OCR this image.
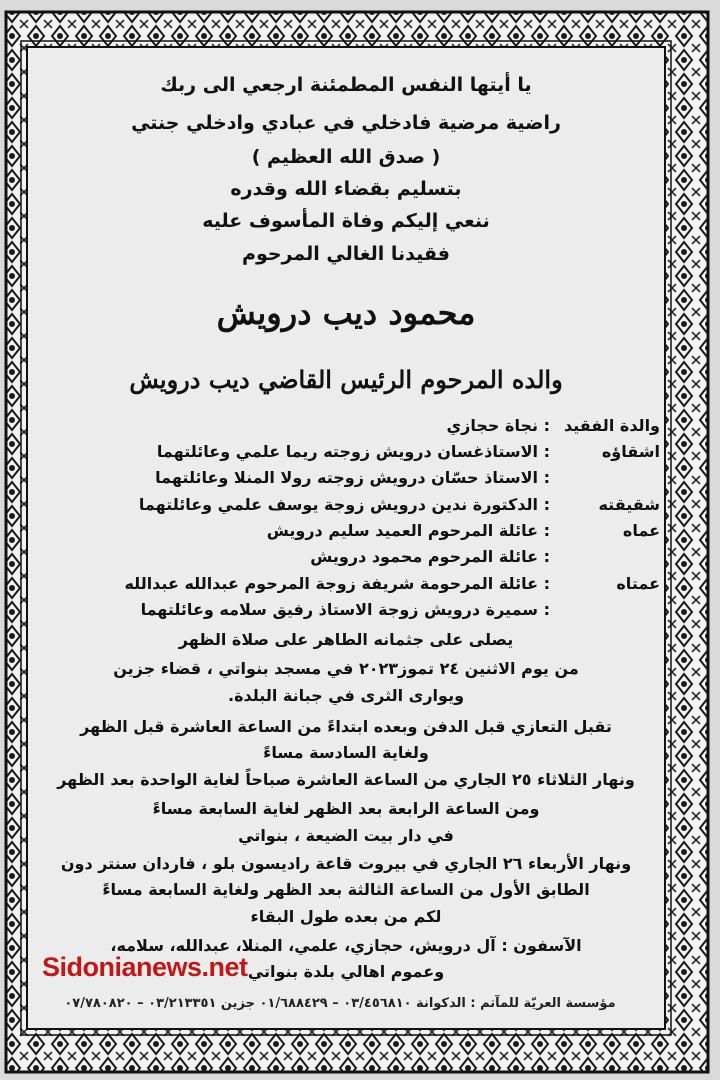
يا أيتها النفس المطمئنة ارجعي الى ربك
راضية مرضية فادخلي في عبادي وادخلي جنتي
( صدق الله العظيم )
بتسليم بقضاء الله وقدره
ننعي إليكم وفاة المأسوف عليه
فقيدنا الغالي المرحوم
محمود ديب درويش
والده المرحوم الرئيس القاضي ديب درويش
والدة الفقيد
: نجاة حجازي
اشقاؤه
: الاستاذغسان درويش زوجته ريما علمي وعائلتهما
: الاستاذ حسّان درويش زوجته رولا المنلا وعائلتهما
شقيقته
: الدكتورة ندين درويش زوجة يوسف علمي وعائلتهما
عماه
: عائلة المرحوم العميد سليم درويش
: عائلة المرحوم محمود درويش
عمتاه
: عائلة المرحومة شريفة زوجة المرحوم عبدالله عبدالله
: سميرة درويش زوجة الاستاذ رفيق سلامه وعائلتهما
يصلى على جثمانه الطاهر على صلاة الظهر
من يوم الاثنين ٢٤ تموز٢٠٢٣ في مسجد بنواتي ، قضاء جزين
ويوارى الثرى في جبانة البلدة.
تقبل التعازي قبل الدفن وبعده ابتداءً من الساعة العاشرة قبل الظهر
ولغاية السادسة مساءً
ونهار الثلاثاء ٢٥ الجاري من الساعة العاشرة صباحاً لغاية الواحدة بعد الظهر
ومن الساعة الرابعة بعد الظهر لغاية السابعة مساءً
في دار بيت الضيعة ، بنواتي
ونهار الأربعاء ٢٦ الجاري في بيروت قاعة راديسون بلو ، فاردان سنتر دون
الطابق الأول من الساعة الثالثة بعد الظهر ولغاية السابعة مساءً
لكم من بعده طول البقاء
الآسفون : آل درويش، حجازي، علمي، المنلا، عبدالله، سلامه،
وعموم اهالي بلدة بنواتي
Sidonianews.net
مؤسسة العريّة للمآتم : الدكوانة ٠٣/٤٥٦٨١٠ – ٠١/٦٨٨٤٢٩ جزين ٠٣/٢١٣٣٥١ – ٠٧/٧٨٠٨٢٠
